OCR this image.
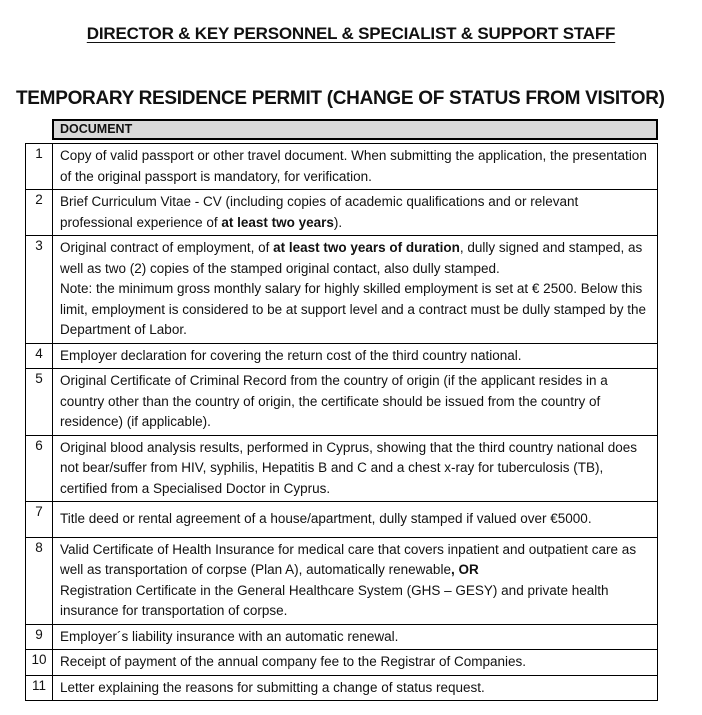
DIRECTOR & KEY PERSONNEL & SPECIALIST & SUPPORT STAFF
TEMPORARY RESIDENCE PERMIT (CHANGE OF STATUS FROM VISITOR)
DOCUMENT
1	Copy of valid passport or other travel document. When submitting the application, the presentation of the original passport is mandatory, for verification.

2	Brief Curriculum Vitae - CV (including copies of academic qualifications and or relevant professional experience of at least two years).

3	Original contract of employment, of at least two years of duration, dully signed and stamped, as well as two (2) copies of the stamped original contact, also dully stamped.
Note: the minimum gross monthly salary for highly skilled employment is set at € 2500. Below this limit, employment is considered to be at support level and a contract must be dully stamped by the Department of Labor.

4	Employer declaration for covering the return cost of the third country national.

5	Original Certificate of Criminal Record from the country of origin (if the applicant resides in a country other than the country of origin, the certificate should be issued from the country of residence) (if applicable).

6	Original blood analysis results, performed in Cyprus, showing that the third country national does not bear/suffer from HIV, syphilis, Hepatitis B and C and a chest x-ray for tuberculosis (TB), certified from a Specialised Doctor in Cyprus.

7	Title deed or rental agreement of a house/apartment, dully stamped if valued over €5000.

8	Valid Certificate of Health Insurance for medical care that covers inpatient and outpatient care as well as transportation of corpse (Plan A), automatically renewable, OR
Registration Certificate in the General Healthcare System (GHS – GESY) and private health insurance for transportation of corpse.

9	Employer´s liability insurance with an automatic renewal.

10	Receipt of payment of the annual company fee to the Registrar of Companies.

11	Letter explaining the reasons for submitting a change of status request.
